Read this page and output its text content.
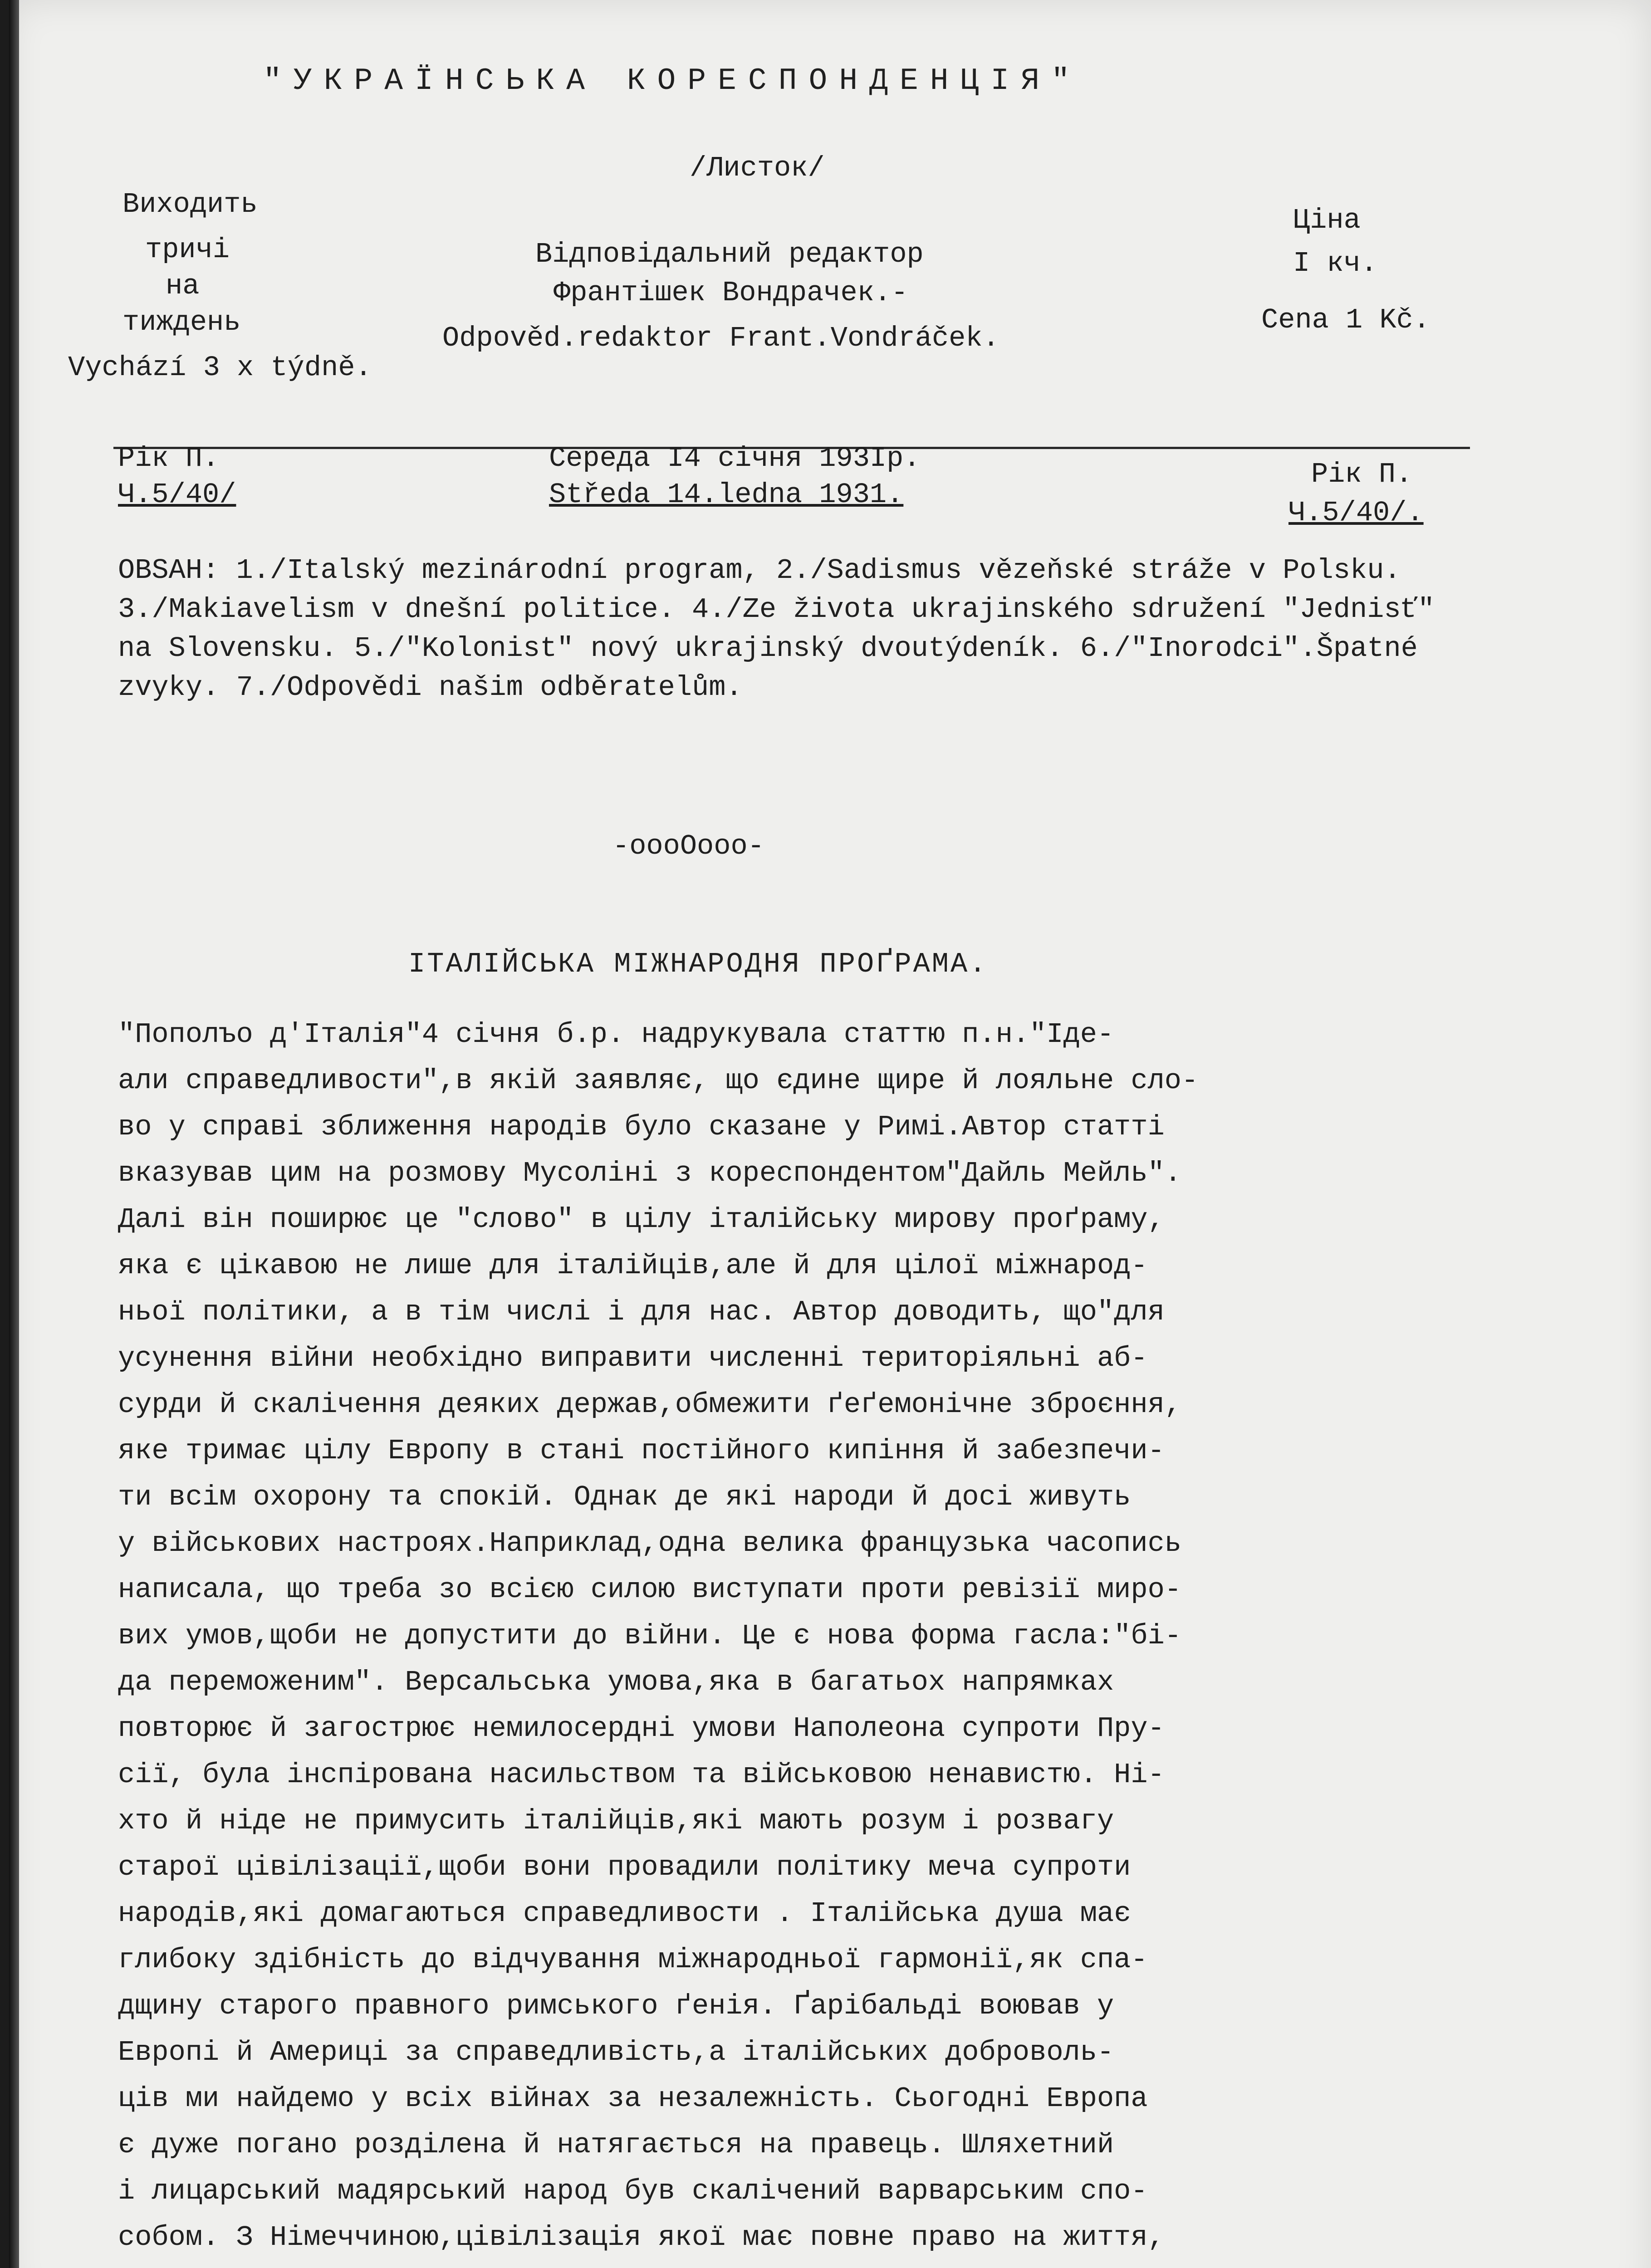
"УКРАЇНСЬКА КОРЕСПОНДЕНЦІЯ"
/Листок/
Виходить
тричі
на
тиждень
Vychází 3 x týdně.
Відповідальний редактор
Франтішек Вондрачек.-
Odpověd.redaktor Frant.Vondráček.
Ціна
I кч.
Cena 1 Kč.
Рік П.
Ч.5/40/
Середа I4 січня 193Iр.
Středa 14.ledna 1931.
Рік П.
Ч.5/40/.
OBSAH: 1./Italský mezinárodní program, 2./Sadismus vězeňské stráže v Polsku. 3./Makiavelism v dnešní politice. 4./Ze života ukrajinského sdružení "Jednisť" na Slovensku. 5./"Kolonist" nový ukrajinský dvoutýdeník. 6./"Inorodci".Špatné zvyky. 7./Odpovědi našim odběratelům.
-oooOooo-
ІТАЛІЙСЬКА МІЖНАРОДНЯ ПРОҐРАМА.
"Пополъо д'Італія"4 січня б.р. надрукувала статтю п.н."Іде-
али справедливости",в якій заявляє, що єдине щире й лояльне сло-
во у справі зближення народів було сказане у Римі.Автор статті
вказував цим на розмову Мусоліні з кореспондентом"Дайль Мейль".
Далі він поширює це "слово" в цілу італійську мирову проґраму,
яка є цікавою не лише для італійців,але й для цілої міжнарод-
ньої політики, а в тім числі і для нас. Автор доводить, що"для
усунення війни необхідно виправити численні територіяльні аб-
сурди й скалічення деяких держав,обмежити ґеґемонічне зброєння,
яке тримає цілу Европу в стані постійного кипіння й забезпечи-
ти всім охорону та спокій. Однак де які народи й досі живуть
у військових настроях.Наприклад,одна велика французька часопись
написала, що треба зо всією силою виступати проти ревізії миро-
вих умов,щоби не допустити до війни. Це є нова форма гасла:"бі-
да переможеним". Версальська умова,яка в багатьох напрямках
повторює й загострює немилосердні умови Наполеона супроти Пру-
сії, була інспірована насильством та військовою ненавистю. Ні-
хто й ніде не примусить італійців,які мають розум і розвагу
старої цівілізації,щоби вони провадили політику меча супроти
народів,які домагаються справедливости . Італійська душа має
глибоку здібність до відчування міжнародньої гармонії,як спа-
дщину старого правного римського ґенія. Ґарібальді воював у
Европі й Америці за справедливість,а італійських доброволь-
ців ми найдемо у всіх війнах за незалежність. Сьогодні Европа
є дуже погано розділена й натягається на правець. Шляхетний
і лицарський мадярський народ був скалічений варварським спо-
собом. З Німеччиною,цівілізація якої має повне право на життя,
